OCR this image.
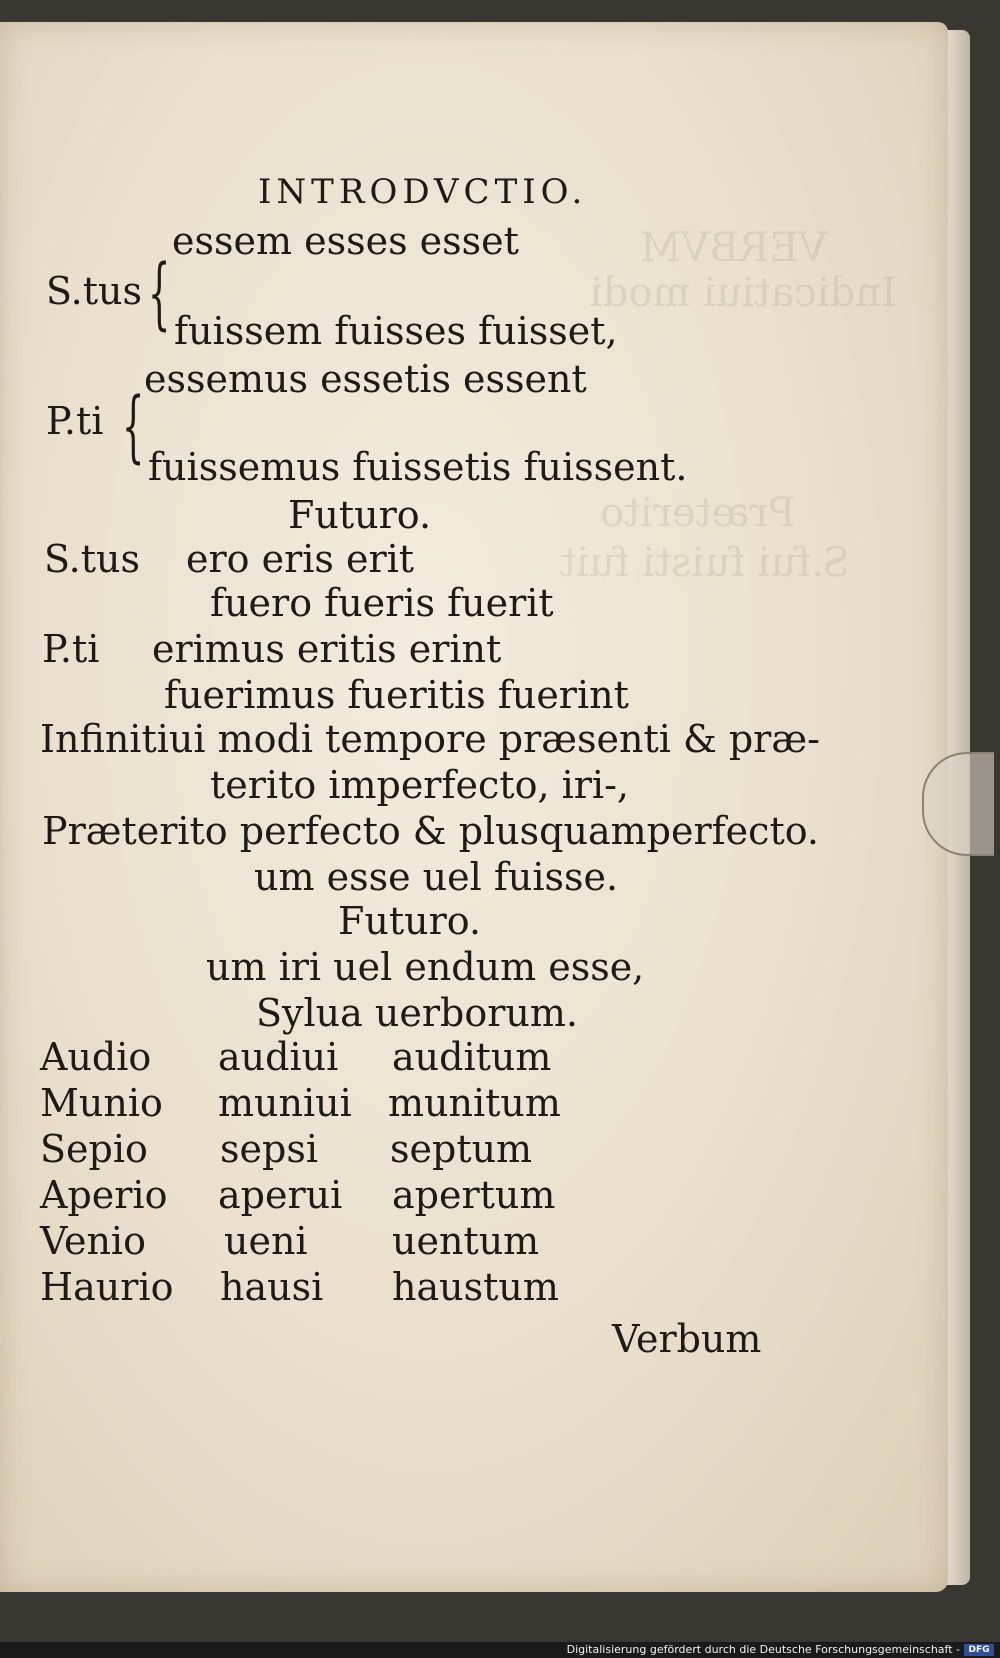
INTRODVCTIO.
essem esses esset
S.tus { fuissem fuisses fuisset,
essemus essetis essent
P.ti { fuissemus fuissetis fuissent.
Futuro.
S.tus ero eris erit
fuero fueris fuerit
P.ti erimus eritis erint
fuerimus fueritis fuerint
Infinitiui modi tempore præsenti & præ-
terito imperfecto, iri-,
Præterito perfecto & plusquamperfecto.
um esse uel fuisse.
Futuro.
um iri uel endum esse,
Sylua uerborum.
Audio audiui auditum
Munio muniui munitum
Sepio sepsi septum
Aperio aperui apertum
Venio ueni uentum
Haurio hausi haustum
Verbum
Digitalisierung gefördert durch die Deutsche Forschungsgemeinschaft - DFG
